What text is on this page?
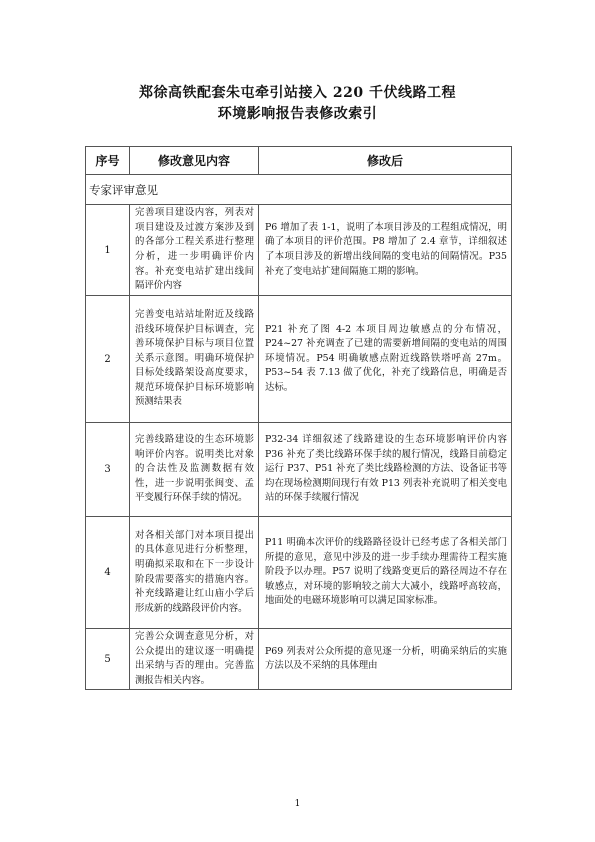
郑徐高铁配套朱屯牵引站接入 220 千伏线路工程
环境影响报告表修改索引
序号	修改意见内容	修改后
专家评审意见		
1	完善项目建设内容，列表对项目建设及过渡方案涉及到的各部分工程关系进行整理分析，进一步明确评价内容。补充变电站扩建出线间隔评价内容	P6 增加了表 1-1，说明了本项目涉及的工程组成情况，明确了本项目的评价范围。P8 增加了 2.4 章节，详细叙述了本项目涉及的新增出线间隔的变电站的间隔情况。P35 补充了变电站扩建间隔施工期的影响。
2	完善变电站站址附近及线路沿线环境保护目标调查，完善环境保护目标与项目位置关系示意图。明确环境保护目标处线路架设高度要求，规范环境保护目标环境影响预测结果表	P21 补充了图 4-2 本项目周边敏感点的分布情况，P24~27 补充调查了已建的需要新增间隔的变电站的周围环境情况。P54 明确敏感点附近线路铁塔呼高 27m。P53~54 表 7.13 做了优化，补充了线路信息，明确是否达标。
3	完善线路建设的生态环境影响评价内容。说明类比对象的合法性及监测数据有效性，进一步说明张闽变、孟平变履行环保手续的情况。	P32-34 详细叙述了线路建设的生态环境影响评价内容 P36 补充了类比线路环保手续的履行情况，线路目前稳定运行 P37、P51 补充了类比线路检测的方法、设备证书等均在现场检测期间现行有效 P13 列表补充说明了相关变电站的环保手续履行情况
4	对各相关部门对本项目提出的具体意见进行分析整理，明确拟采取和在下一步设计阶段需要落实的措施内容。补充线路避让红山庙小学后形成新的线路段评价内容。	P11 明确本次评价的线路路径设计已经考虑了各相关部门所提的意见，意见中涉及的进一步手续办理需待工程实施阶段予以办理。P57 说明了线路变更后的路径周边不存在敏感点，对环境的影响较之前大大减小，线路呼高较高，地面处的电磁环境影响可以满足国家标准。
5	完善公众调查意见分析，对公众提出的建议逐一明确提出采纳与否的理由。完善监测报告相关内容。	P69 列表对公众所提的意见逐一分析，明确采纳后的实施方法以及不采纳的具体理由
1
